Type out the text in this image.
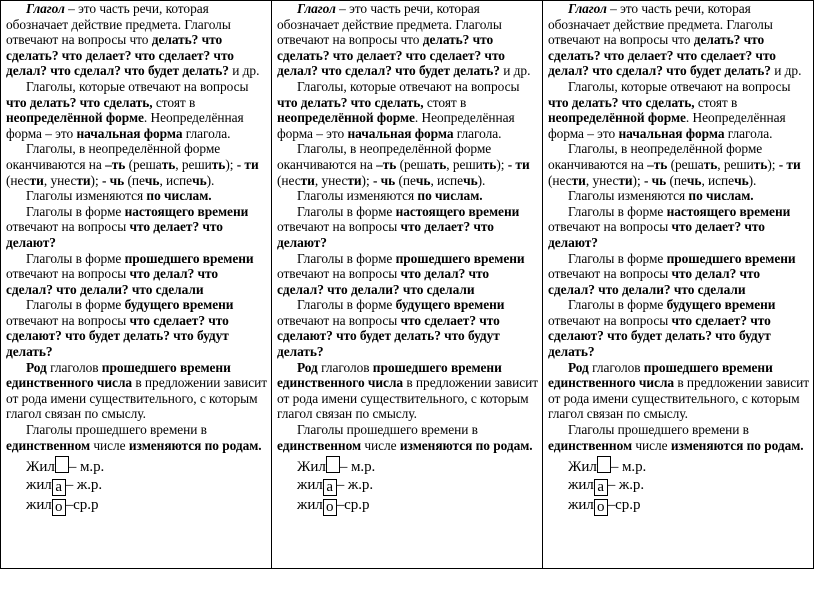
Глагол – это часть речи, которая обозначает действие предмета. Глаголы отвечают на вопросы что делать? что сделать? что делает? что сделает? что делал? что сделал? что будет делать? и др.

Глаголы, которые отвечают на вопросы что делать? что сделать, стоят в неопределённой форме. Неопределённая форма – это начальная форма глагола.

Глаголы, в неопределённой форме оканчиваются на –ть (решать, решить); - ти (нести, унести); - чь (печь, испечь).

Глаголы изменяются по числам.

Глаголы в форме настоящего времени отвечают на вопросы что делает? что делают?

Глаголы в форме прошедшего времени отвечают на вопросы что делал? что сделал? что делали? что сделали

Глаголы в форме будущего времени отвечают на вопросы что сделает? что сделают? что будет делать? что будут делать?

Род глаголов прошедшего времени единственного числа в предложении зависит от рода имени существительного, с которым глагол связан по смыслу.

Глаголы прошедшего времени в единственном числе изменяются по родам.

Жил – м.р.
жил а – ж.р.
жил о –ср.р

Глагол – это часть речи, которая обозначает действие предмета. Глаголы отвечают на вопросы что делать? что сделать? что делает? что сделает? что делал? что сделал? что будет делать? и др.

Глаголы, которые отвечают на вопросы что делать? что сделать, стоят в неопределённой форме. Неопределённая форма – это начальная форма глагола.

Глаголы, в неопределённой форме оканчиваются на –ть (решать, решить); - ти (нести, унести); - чь (печь, испечь).

Глаголы изменяются по числам.

Глаголы в форме настоящего времени отвечают на вопросы что делает? что делают?

Глаголы в форме прошедшего времени отвечают на вопросы что делал? что сделал? что делали? что сделали

Глаголы в форме будущего времени отвечают на вопросы что сделает? что сделают? что будет делать? что будут делать?

Род глаголов прошедшего времени единственного числа в предложении зависит от рода имени существительного, с которым глагол связан по смыслу.

Глаголы прошедшего времени в единственном числе изменяются по родам.

Жил – м.р.
жил а – ж.р.
жил о –ср.р

Глагол – это часть речи, которая обозначает действие предмета. Глаголы отвечают на вопросы что делать? что сделать? что делает? что сделает? что делал? что сделал? что будет делать? и др.

Глаголы, которые отвечают на вопросы что делать? что сделать, стоят в неопределённой форме. Неопределённая форма – это начальная форма глагола.

Глаголы, в неопределённой форме оканчиваются на –ть (решать, решить); - ти (нести, унести); - чь (печь, испечь).

Глаголы изменяются по числам.

Глаголы в форме настоящего времени отвечают на вопросы что делает? что делают?

Глаголы в форме прошедшего времени отвечают на вопросы что делал? что сделал? что делали? что сделали

Глаголы в форме будущего времени отвечают на вопросы что сделает? что сделают? что будет делать? что будут делать?

Род глаголов прошедшего времени единственного числа в предложении зависит от рода имени существительного, с которым глагол связан по смыслу.

Глаголы прошедшего времени в единственном числе изменяются по родам.

Жил – м.р.
жил а – ж.р.
жил о –ср.р
